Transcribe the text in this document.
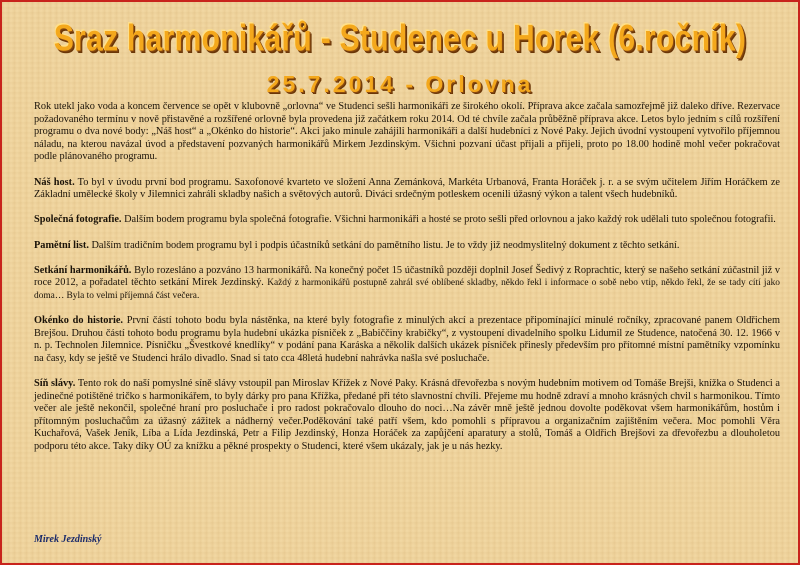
Sraz harmonikářů - Studenec u Horek (6.ročník)
25.7.2014 - Orlovna

Rok utekl jako voda a koncem července se opět v klubovně „orlovna“ ve Studenci sešli harmonikáři ze širokého okolí. Příprava akce začala samozřejmě již daleko dříve. Rezervace požadovaného termínu v nově přistavěné a rozšířené orlovně byla provedena již začátkem roku 2014. Od té chvíle začala průběžně příprava akce. Letos bylo jedním s cílů rozšíření programu o dva nové body: „Náš host“ a „Okénko do historie“. Akci jako minule zahájili harmonikáři a další hudebníci z Nové Paky. Jejich úvodní vystoupení vytvořilo příjemnou náladu, na kterou navázal úvod a představení pozvaných harmonikářů Mirkem Jezdinským. Všichni pozvaní účast přijali a přijeli, proto po 18.00 hodině mohl večer pokračovat podle plánovaného programu.

Náš host. To byl v úvodu první bod programu. Saxofonové kvarteto ve složení Anna Zemánková, Markéta Urbanová, Franta Horáček j. r. a se svým učitelem Jiřím Horáčkem ze Základní umělecké školy v Jilemnici zahráli skladby našich a světových autorů. Diváci srdečným potleskem ocenili úžasný výkon a talent všech hudebníků.

Společná fotografie. Dalším bodem programu byla společná fotografie. Všichni harmonikáři a hosté se proto sešli před orlovnou a jako každý rok udělali tuto společnou fotografii.

Pamětní list. Dalším tradičním bodem programu byl i podpis účastníků setkání do pamětního listu. Je to vždy již neodmyslitelný dokument z těchto setkání.

Setkání harmonikářů. Bylo rozesláno a pozváno 13 harmonikářů. Na konečný počet 15 účastníků později doplnil Josef Šedivý z Roprachtic, který se našeho setkání zúčastnil již v roce 2012, a pořadatel těchto setkání Mirek Jezdinský. Každý z harmonikářů postupně zahrál své oblíbené skladby, někdo řekl i informace o sobě nebo vtip, někdo řekl, že se tady cítí jako doma… Byla to velmi příjemná část večera.

Okénko do historie. První částí tohoto bodu byla nástěnka, na které byly fotografie z minulých akcí a prezentace připomínající minulé ročníky, zpracované panem Oldřichem Brejšou. Druhou částí tohoto bodu programu byla hudební ukázka písniček z „Babiččiny krabičky“, z vystoupení divadelního spolku Lidumil ze Studence, natočená 30. 12. 1966 v n. p. Technolen Jilemnice. Písničku „Švestkové knedlíky“ v podání pana Karáska a několik dalších ukázek písniček přinesly především pro přítomné místní pamětníky vzpomínku na časy, kdy se ještě ve Studenci hrálo divadlo. Snad si tato cca 48letá hudební nahrávka našla své posluchače.

Síň slávy. Tento rok do naší pomyslné síně slávy vstoupil pan Miroslav Křížek z Nové Paky. Krásná dřevořezba s novým hudebním motivem od Tomáše Brejši, knížka o Studenci a jedinečné potištěné tričko s harmonikářem, to byly dárky pro pana Křížka, předané při této slavnostní chvíli. Přejeme mu hodně zdraví a mnoho krásných chvil s harmonikou. Tímto večer ale ještě nekončil, společné hraní pro posluchače i pro radost pokračovalo dlouho do noci…Na závěr mně ještě jednou dovolte poděkovat všem harmonikářům, hostům i přítomným posluchačům za úžasný zážitek a nádherný večer.Poděkování také patří všem, kdo pomohli s přípravou a organizačním zajištěním večera. Moc pomohli Věra Kuchařová, Vašek Jeník, Líba a Lída Jezdinská, Petr a Filip Jezdinský, Honza Horáček za zapůjčení aparatury a stolů, Tomáš a Oldřich Brejšovi za dřevořezbu a dlouholetou podporu této akce. Taky díky OÚ za knížku a pěkné prospekty o Studenci, které všem ukázaly, jak je u nás hezky.

Mirek Jezdinský
